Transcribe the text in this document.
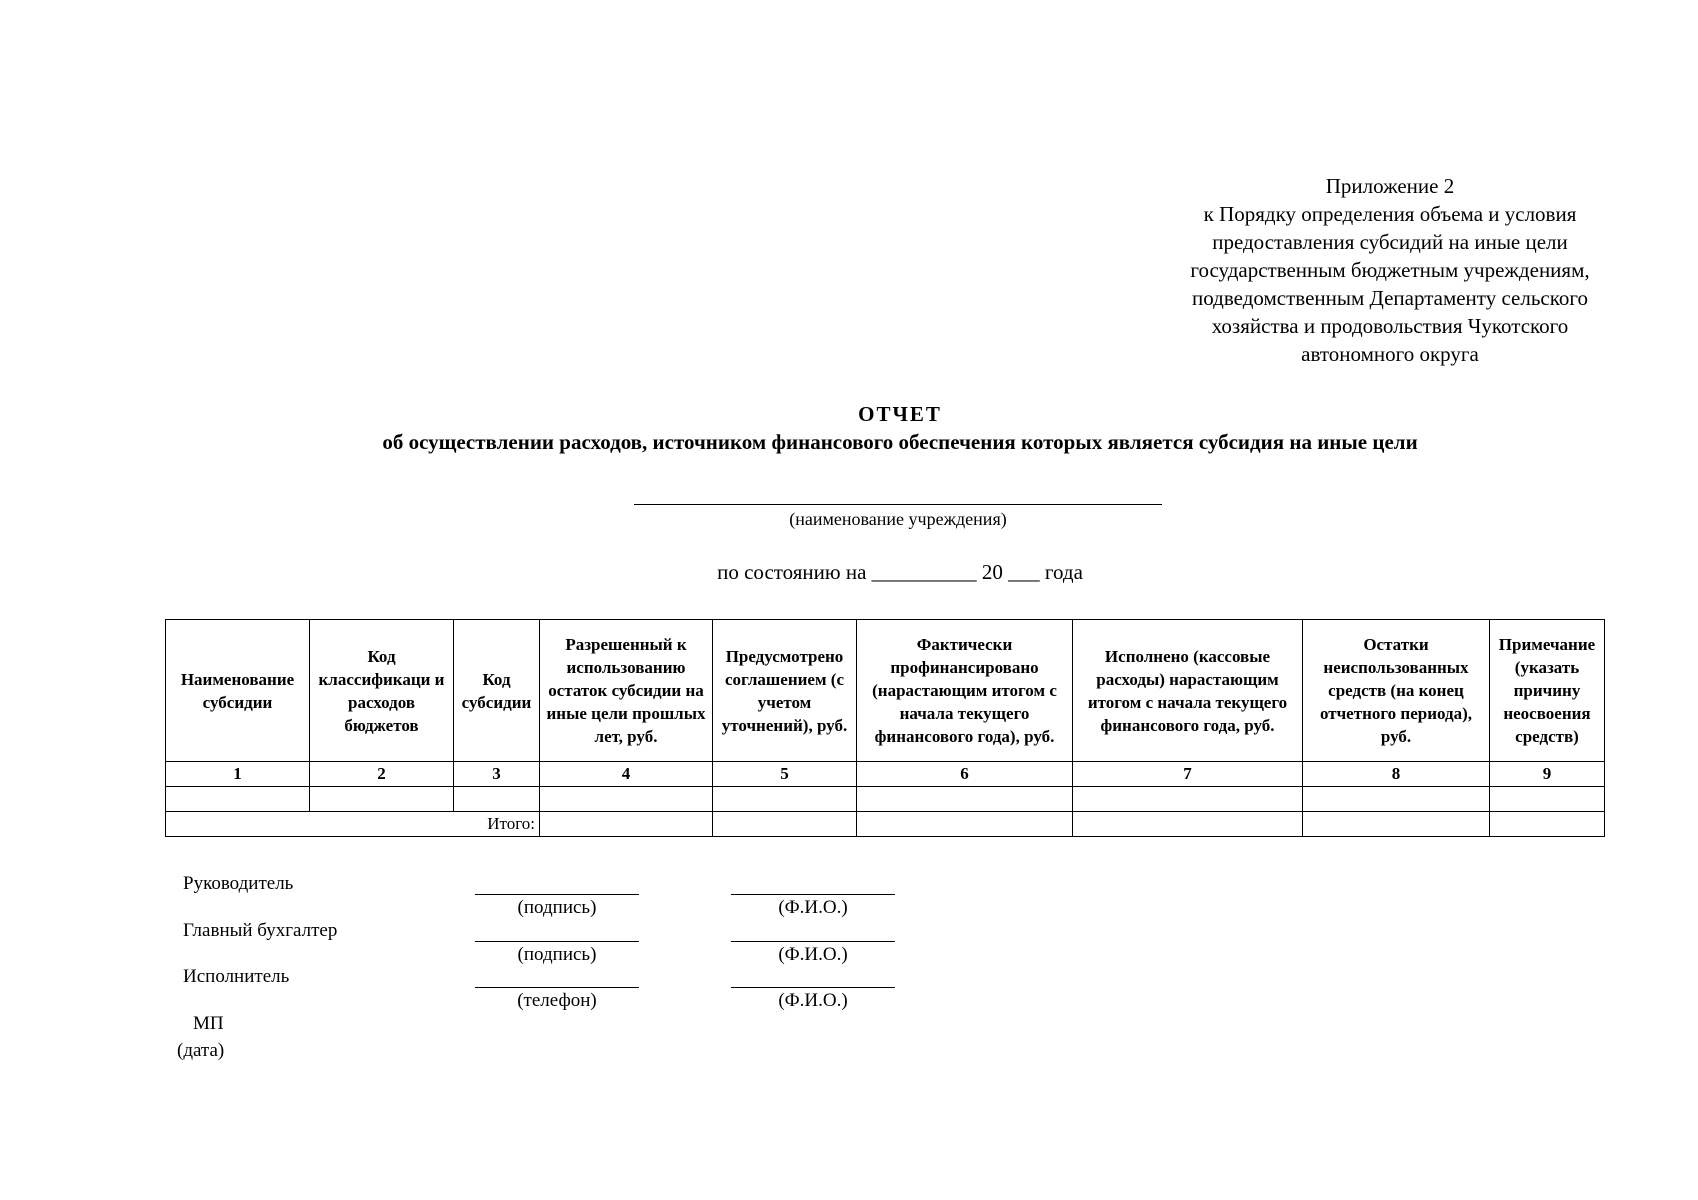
Приложение 2
к Порядку определения объема и условия
предоставления субсидий на иные цели
государственным бюджетным учреждениям,
подведомственным Департаменту сельского
хозяйства и продовольствия Чукотского
автономного округа
ОТЧЕТ
об осуществлении расходов, источником финансового обеспечения которых является субсидия на иные цели
(наименование учреждения)
по состоянию на __________ 20 ___ года
Наименование субсидии	Код классификаци и расходов бюджетов	Код субсидии	Разрешенный к использованию остаток субсидии на иные цели прошлых лет, руб.	Предусмотрено соглашением (с учетом уточнений), руб.	Фактически профинансировано (нарастающим итогом с начала текущего финансового года), руб.	Исполнено (кассовые расходы) нарастающим итогом с начала текущего финансового года, руб.	Остатки неиспользованных средств (на конец отчетного периода), руб.	Примечание (указать причину неосвоения средств)
1	2	3	4	5	6	7	8	9

Итого:								
Руководитель
(подпись)	(Ф.И.О.)
Главный бухгалтер
(подпись)	(Ф.И.О.)
Исполнитель
(телефон)	(Ф.И.О.)
МП
(дата)
